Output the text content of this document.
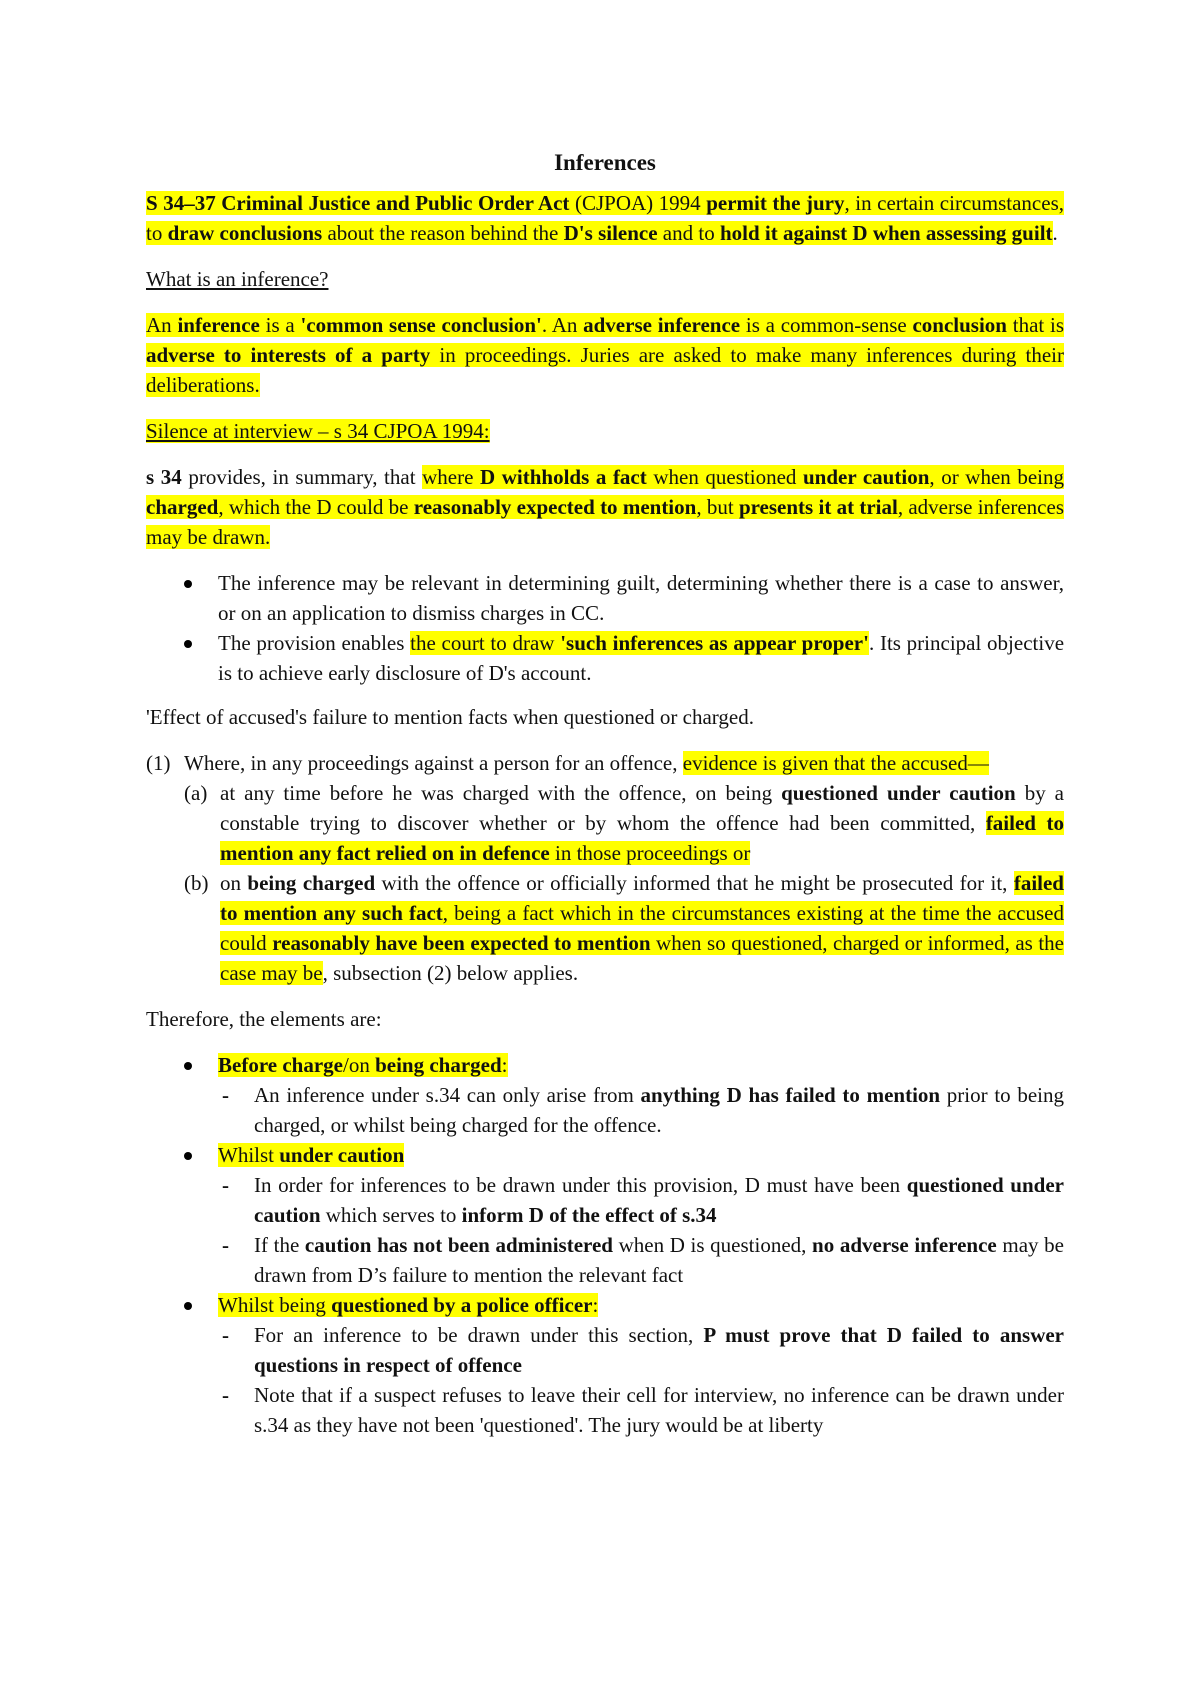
Inferences

S 34–37 Criminal Justice and Public Order Act (CJPOA) 1994 permit the jury, in certain circumstances, to draw conclusions about the reason behind the D's silence and to hold it against D when assessing guilt.

What is an inference?

An inference is a 'common sense conclusion'. An adverse inference is a common-sense conclusion that is adverse to interests of a party in proceedings. Juries are asked to make many inferences during their deliberations.

Silence at interview – s 34 CJPOA 1994:

s 34 provides, in summary, that where D withholds a fact when questioned under caution, or when being charged, which the D could be reasonably expected to mention, but presents it at trial, adverse inferences may be drawn.

The inference may be relevant in determining guilt, determining whether there is a case to answer, or on an application to dismiss charges in CC.
The provision enables the court to draw 'such inferences as appear proper'. Its principal objective is to achieve early disclosure of D's account.

'Effect of accused's failure to mention facts when questioned or charged.

(1) Where, in any proceedings against a person for an offence, evidence is given that the accused—
(a) at any time before he was charged with the offence, on being questioned under caution by a constable trying to discover whether or by whom the offence had been committed, failed to mention any fact relied on in defence in those proceedings or
(b) on being charged with the offence or officially informed that he might be prosecuted for it, failed to mention any such fact, being a fact which in the circumstances existing at the time the accused could reasonably have been expected to mention when so questioned, charged or informed, as the case may be, subsection (2) below applies.

Therefore, the elements are:

Before charge/on being charged:
- An inference under s.34 can only arise from anything D has failed to mention prior to being charged, or whilst being charged for the offence.
Whilst under caution
- In order for inferences to be drawn under this provision, D must have been questioned under caution which serves to inform D of the effect of s.34
- If the caution has not been administered when D is questioned, no adverse inference may be drawn from D’s failure to mention the relevant fact
Whilst being questioned by a police officer:
- For an inference to be drawn under this section, P must prove that D failed to answer questions in respect of offence
- Note that if a suspect refuses to leave their cell for interview, no inference can be drawn under s.34 as they have not been 'questioned'. The jury would be at liberty
